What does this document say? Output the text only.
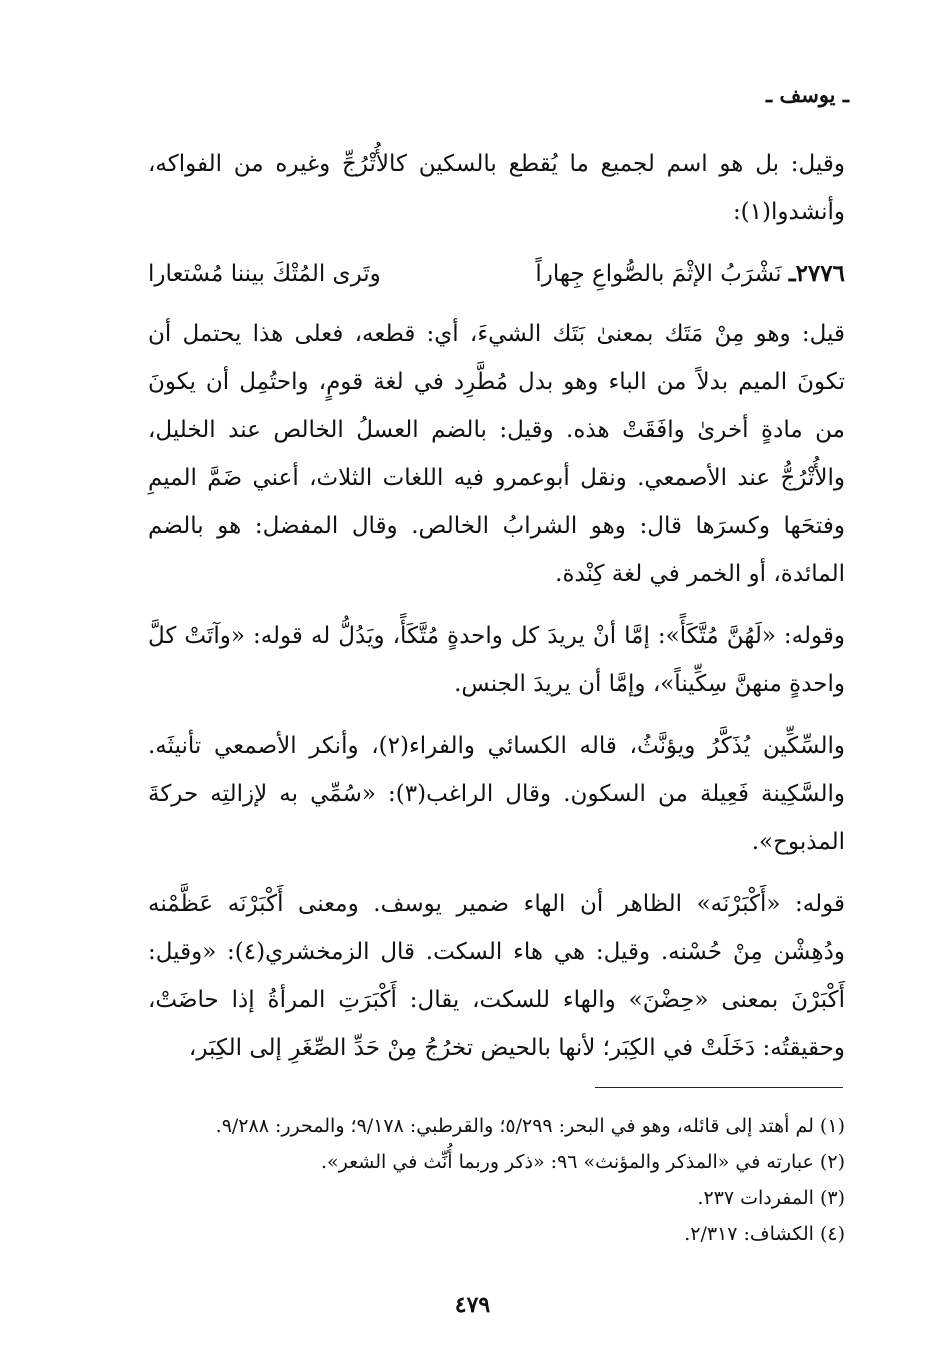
ـ يوسف ـ

وقيل: بل هو اسم لجميع ما يُقطع بالسكين كالأُتْرُجِّ وغيره من الفواكه، وأنشدوا(١):

٢٧٧٦ـ نَشْرَبُ الإثْمَ بالصُّواعِ جِهاراً
وتَرى المُتْكَ بيننا مُسْتعارا

قيل: وهو مِنْ مَتَك بمعنىٰ بَتَك الشيءَ، أي: قطعه، فعلى هذا يحتمل أن تكونَ الميم بدلاً من الباء وهو بدل مُطَّرِد في لغة قومٍ، واحتُمِل أن يكونَ من مادةٍ أخرىٰ وافَقَتْ هذه. وقيل: بالضم العسلُ الخالص عند الخليل، والأُتْرُجُّ عند الأصمعي. ونقل أبوعمرو فيه اللغات الثلاث، أعني ضَمَّ الميمِ وفتحَها وكسرَها قال: وهو الشرابُ الخالص. وقال المفضل: هو بالضم المائدة، أو الخمر في لغة كِنْدة.

وقوله: «لَهُنَّ مُتَّكَأً»: إمَّا أنْ يريدَ كل واحدةٍ مُتَّكَأً، ويَدُلُّ له قوله: «وآتَتْ كلَّ واحدةٍ منهنَّ سِكِّيناً»، وإمَّا أن يريدَ الجنس.

والسِّكِّين يُذَكَّرُ ويؤنَّثُ، قاله الكسائي والفراء(٢)، وأنكر الأصمعي تأنيثَه. والسَّكِينة فَعِيلة من السكون. وقال الراغب(٣): «سُمِّي به لإزالتِه حركةَ المذبوح».

قوله: «أَكْبَرْنَه» الظاهر أن الهاء ضمير يوسف. ومعنى أَكْبَرْنَه عَظَّمْنه ودُهِشْن مِنْ حُسْنه. وقيل: هي هاء السكت. قال الزمخشري(٤): «وقيل: أَكْبَرْنَ بمعنى «حِضْنَ» والهاء للسكت، يقال: أَكْبَرَتِ المرأةُ إذا حاضَتْ، وحقيقتُه: دَخَلَتْ في الكِبَر؛ لأنها بالحيض تخرُجُ مِنْ حَدِّ الصِّغَرِ إلى الكِبَر،

(١) لم أهتد إلى قائله، وهو في البحر: ٥/٢٩٩؛ والقرطبي: ٩/١٧٨؛ والمحرر: ٩/٢٨٨.
(٢) عبارته في «المذكر والمؤنث» ٩٦: «ذكر وربما أُنِّث في الشعر».
(٣) المفردات ٢٣٧.
(٤) الكشاف: ٢/٣١٧.
٤٧٩
